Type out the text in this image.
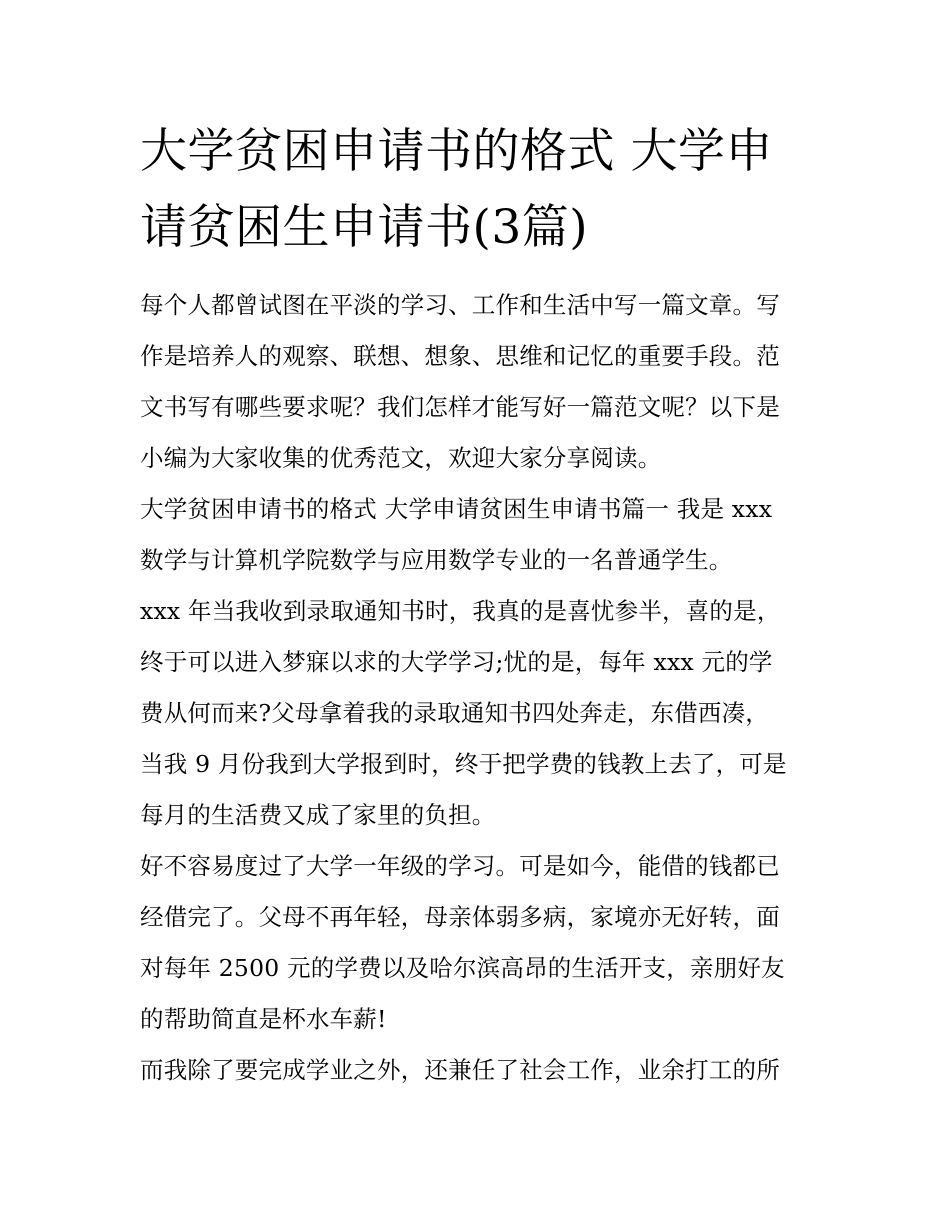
大学贫困申请书的格式 大学申
请贫困生申请书(3篇)
每个人都曾试图在平淡的学习、工作和生活中写一篇文章。写
作是培养人的观察、联想、想象、思维和记忆的重要手段。范
文书写有哪些要求呢？我们怎样才能写好一篇范文呢？以下是
小编为大家收集的优秀范文，欢迎大家分享阅读。
大学贫困申请书的格式 大学申请贫困生申请书篇一 我是 xxx
数学与计算机学院数学与应用数学专业的一名普通学生。
xxx 年当我收到录取通知书时，我真的是喜忧参半，喜的是，
终于可以进入梦寐以求的大学学习;忧的是，每年 xxx 元的学
费从何而来?父母拿着我的录取通知书四处奔走，东借西凑，
当我 9 月份我到大学报到时，终于把学费的钱教上去了，可是
每月的生活费又成了家里的负担。
好不容易度过了大学一年级的学习。可是如今，能借的钱都已
经借完了。父母不再年轻，母亲体弱多病，家境亦无好转，面
对每年 2500 元的学费以及哈尔滨高昂的生活开支，亲朋好友
的帮助简直是杯水车薪!
而我除了要完成学业之外，还兼任了社会工作，业余打工的所
